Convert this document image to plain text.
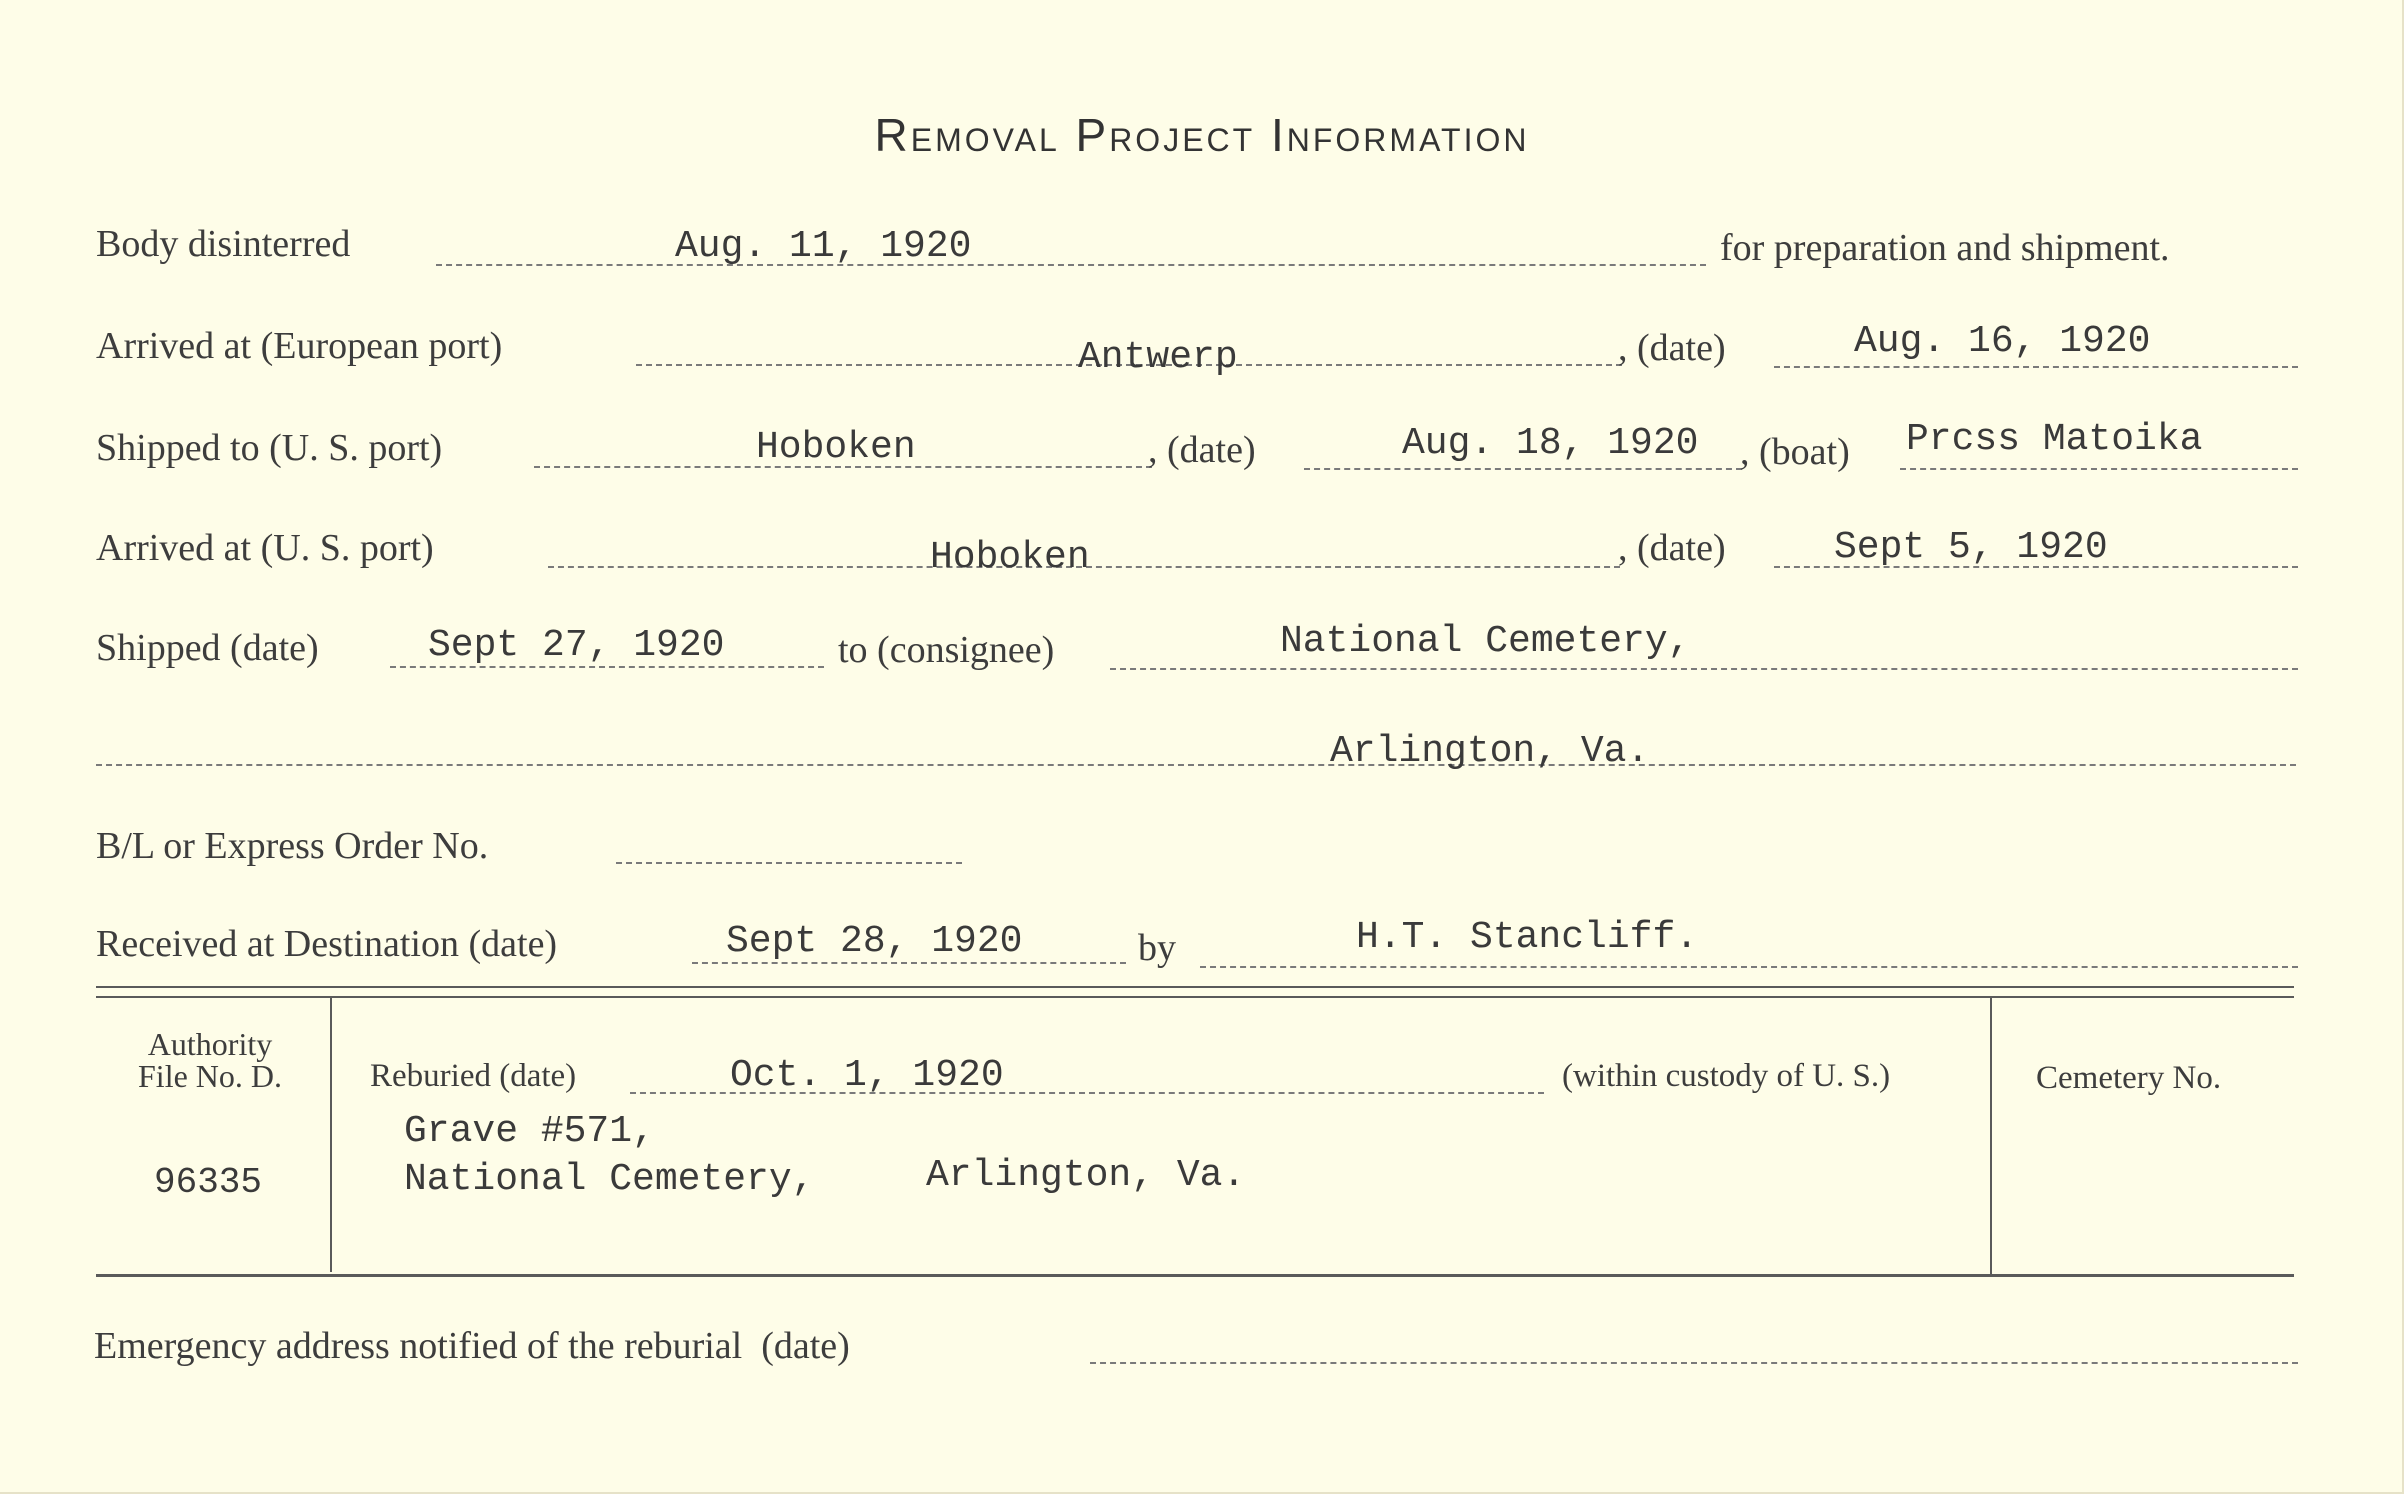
Removal Project Information
Body disinterred	Aug. 11, 1920	for preparation and shipment.
Arrived at (European port)	Antwerp	, (date)	Aug. 16, 1920
Shipped to (U. S. port)	Hoboken	, (date)	Aug. 18, 1920 , (boat) Prcss Matoika
Arrived at (U. S. port)	Hoboken	, (date)	Sept 5, 1920
Shipped (date)	Sept 27, 1920	to (consignee)	National Cemetery,
Arlington, Va.
B/L or Express Order No.
Received at Destination (date)	Sept 28, 1920	by	H.T. Stancliff.
Authority
File No. D.
96335
Reburied (date)	Oct. 1, 1920	(within custody of U. S.)
Grave #571,
National Cemetery,	Arlington, Va.
Cemetery No.
Emergency address notified of the reburial  (date)
